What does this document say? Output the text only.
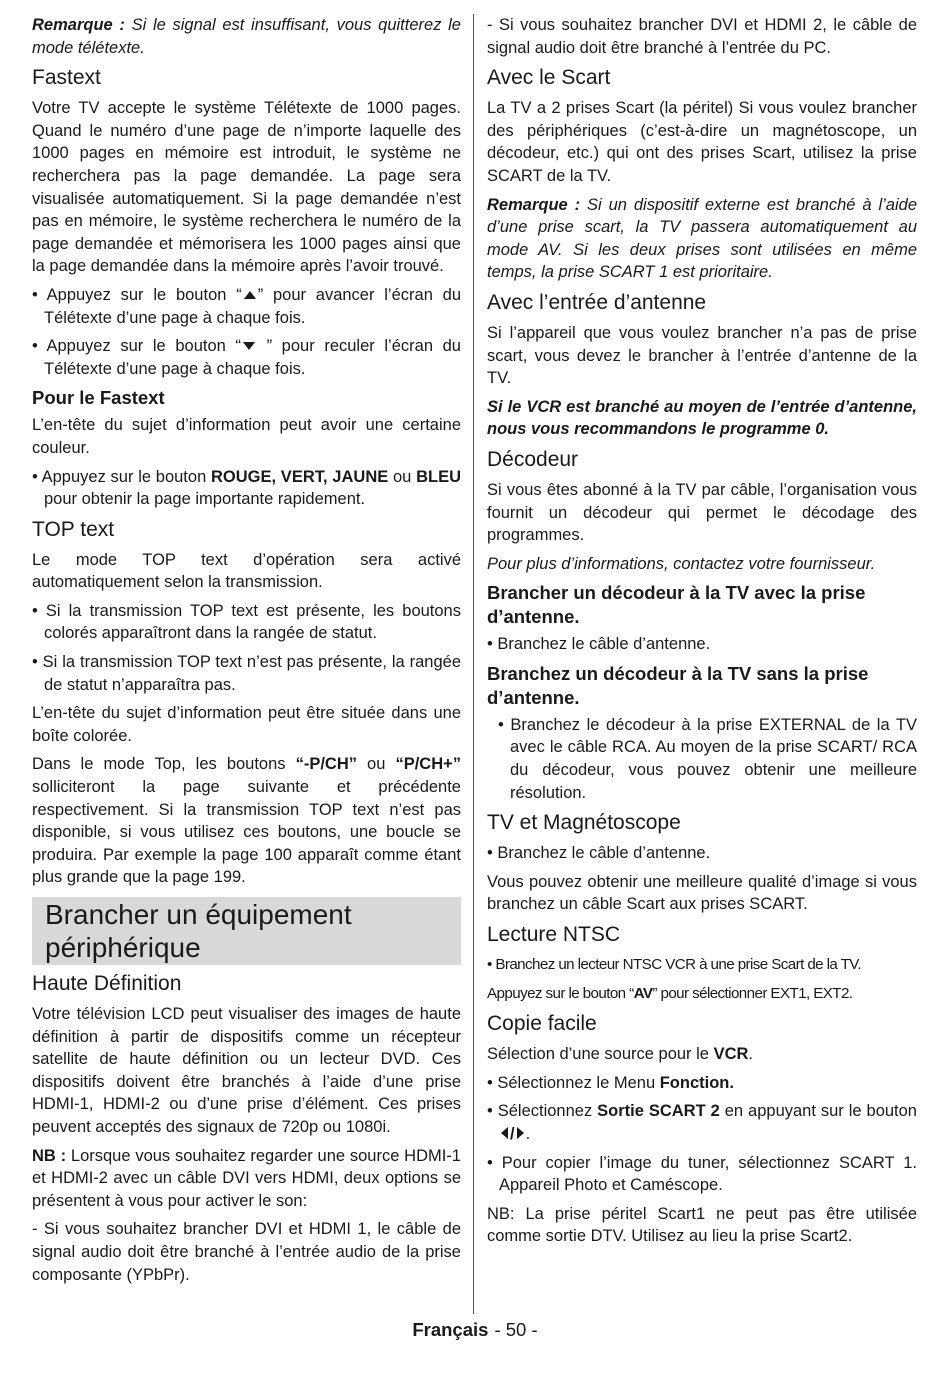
Remarque : Si le signal est insuffisant, vous quitterez le mode télétexte.

Fastext

Votre TV accepte le système Télétexte de 1000 pages. Quand le numéro d’une page de n’importe laquelle des 1000 pages en mémoire est introduit, le système ne recherchera pas la page demandée. La page sera visualisée automatiquement. Si la page demandée n’est pas en mémoire, le système recherchera le numéro de la page demandée et mémorisera les 1000 pages ainsi que la page demandée dans la mémoire après l’avoir trouvé.

• Appuyez sur le bouton “ ” pour avancer l’écran du Télétexte d’une page à chaque fois.

• Appuyez sur le bouton “ ” pour reculer l’écran du Télétexte d’une page à chaque fois.

Pour le Fastext

L’en-tête du sujet d’information peut avoir une certaine couleur.

• Appuyez sur le bouton ROUGE, VERT, JAUNE ou BLEU pour obtenir la page importante rapidement.

TOP text

Le mode TOP text d’opération sera activé automatiquement selon la transmission.

• Si la transmission TOP text est présente, les boutons colorés apparaîtront dans la rangée de statut.

• Si la transmission TOP text n’est pas présente, la rangée de statut n’apparaîtra pas.

L’en-tête du sujet d’information peut être située dans une boîte colorée.

Dans le mode Top, les boutons “-P/CH” ou “P/CH+” solliciteront la page suivante et précédente respectivement. Si la transmission TOP text n’est pas disponible, si vous utilisez ces boutons, une boucle se produira. Par exemple la page 100 apparaît comme étant plus grande que la page 199.

Brancher un équipement périphérique
Haute Définition

Votre télévision LCD peut visualiser des images de haute définition à partir de dispositifs comme un récepteur satellite de haute définition ou un lecteur DVD. Ces dispositifs doivent être branchés à l’aide d’une prise HDMI-1, HDMI-2 ou d’une prise d’élément. Ces prises peuvent acceptés des signaux de 720p ou 1080i.

NB : Lorsque vous souhaitez regarder une source HDMI-1 et HDMI-2 avec un câble DVI vers HDMI, deux options se présentent à vous pour activer le son:

- Si vous souhaitez brancher DVI et HDMI 1, le câble de signal audio doit être branché à l’entrée audio de la prise composante (YPbPr).

- Si vous souhaitez brancher DVI et HDMI 2, le câble de signal audio doit être branché à l’entrée du PC.

Avec le Scart

La TV a 2 prises Scart (la péritel) Si vous voulez brancher des périphériques (c’est-à-dire un magnétoscope, un décodeur, etc.) qui ont des prises Scart, utilisez la prise SCART de la TV.

Remarque : Si un dispositif externe est branché à l’aide d’une prise scart, la TV passera automatiquement au mode AV. Si les deux prises sont utilisées en même temps, la prise SCART 1 est prioritaire.

Avec l’entrée d’antenne

Si l’appareil que vous voulez brancher n’a pas de prise scart, vous devez le brancher à l’entrée d’antenne de la TV.

Si le VCR est branché au moyen de l’entrée d’antenne, nous vous recommandons le programme 0.

Décodeur

Si vous êtes abonné à la TV par câble, l’organisation vous fournit un décodeur qui permet le décodage des programmes.

Pour plus d’informations, contactez votre fournisseur.

Brancher un décodeur à la TV avec la prise d’antenne.

• Branchez le câble d’antenne.

Branchez un décodeur à la TV sans la prise d’antenne.

• Branchez le décodeur à la prise EXTERNAL de la TV avec le câble RCA. Au moyen de la prise SCART/ RCA du décodeur, vous pouvez obtenir une meilleure résolution.

TV et Magnétoscope

• Branchez le câble d’antenne.

Vous pouvez obtenir une meilleure qualité d’image si vous branchez un câble Scart aux prises SCART.

Lecture NTSC

• Branchez un lecteur NTSC VCR à une prise Scart de la TV.

Appuyez sur le bouton “AV” pour sélectionner EXT1, EXT2.

Copie facile

Sélection d’une source pour le VCR.

• Sélectionnez le Menu Fonction.

• Sélectionnez Sortie SCART 2 en appuyant sur le bouton / .

• Pour copier l’image du tuner, sélectionnez SCART 1. Appareil Photo et Caméscope.

NB: La prise péritel Scart1 ne peut pas être utilisée comme sortie DTV. Utilisez au lieu la prise Scart2.

Français - 50 -
